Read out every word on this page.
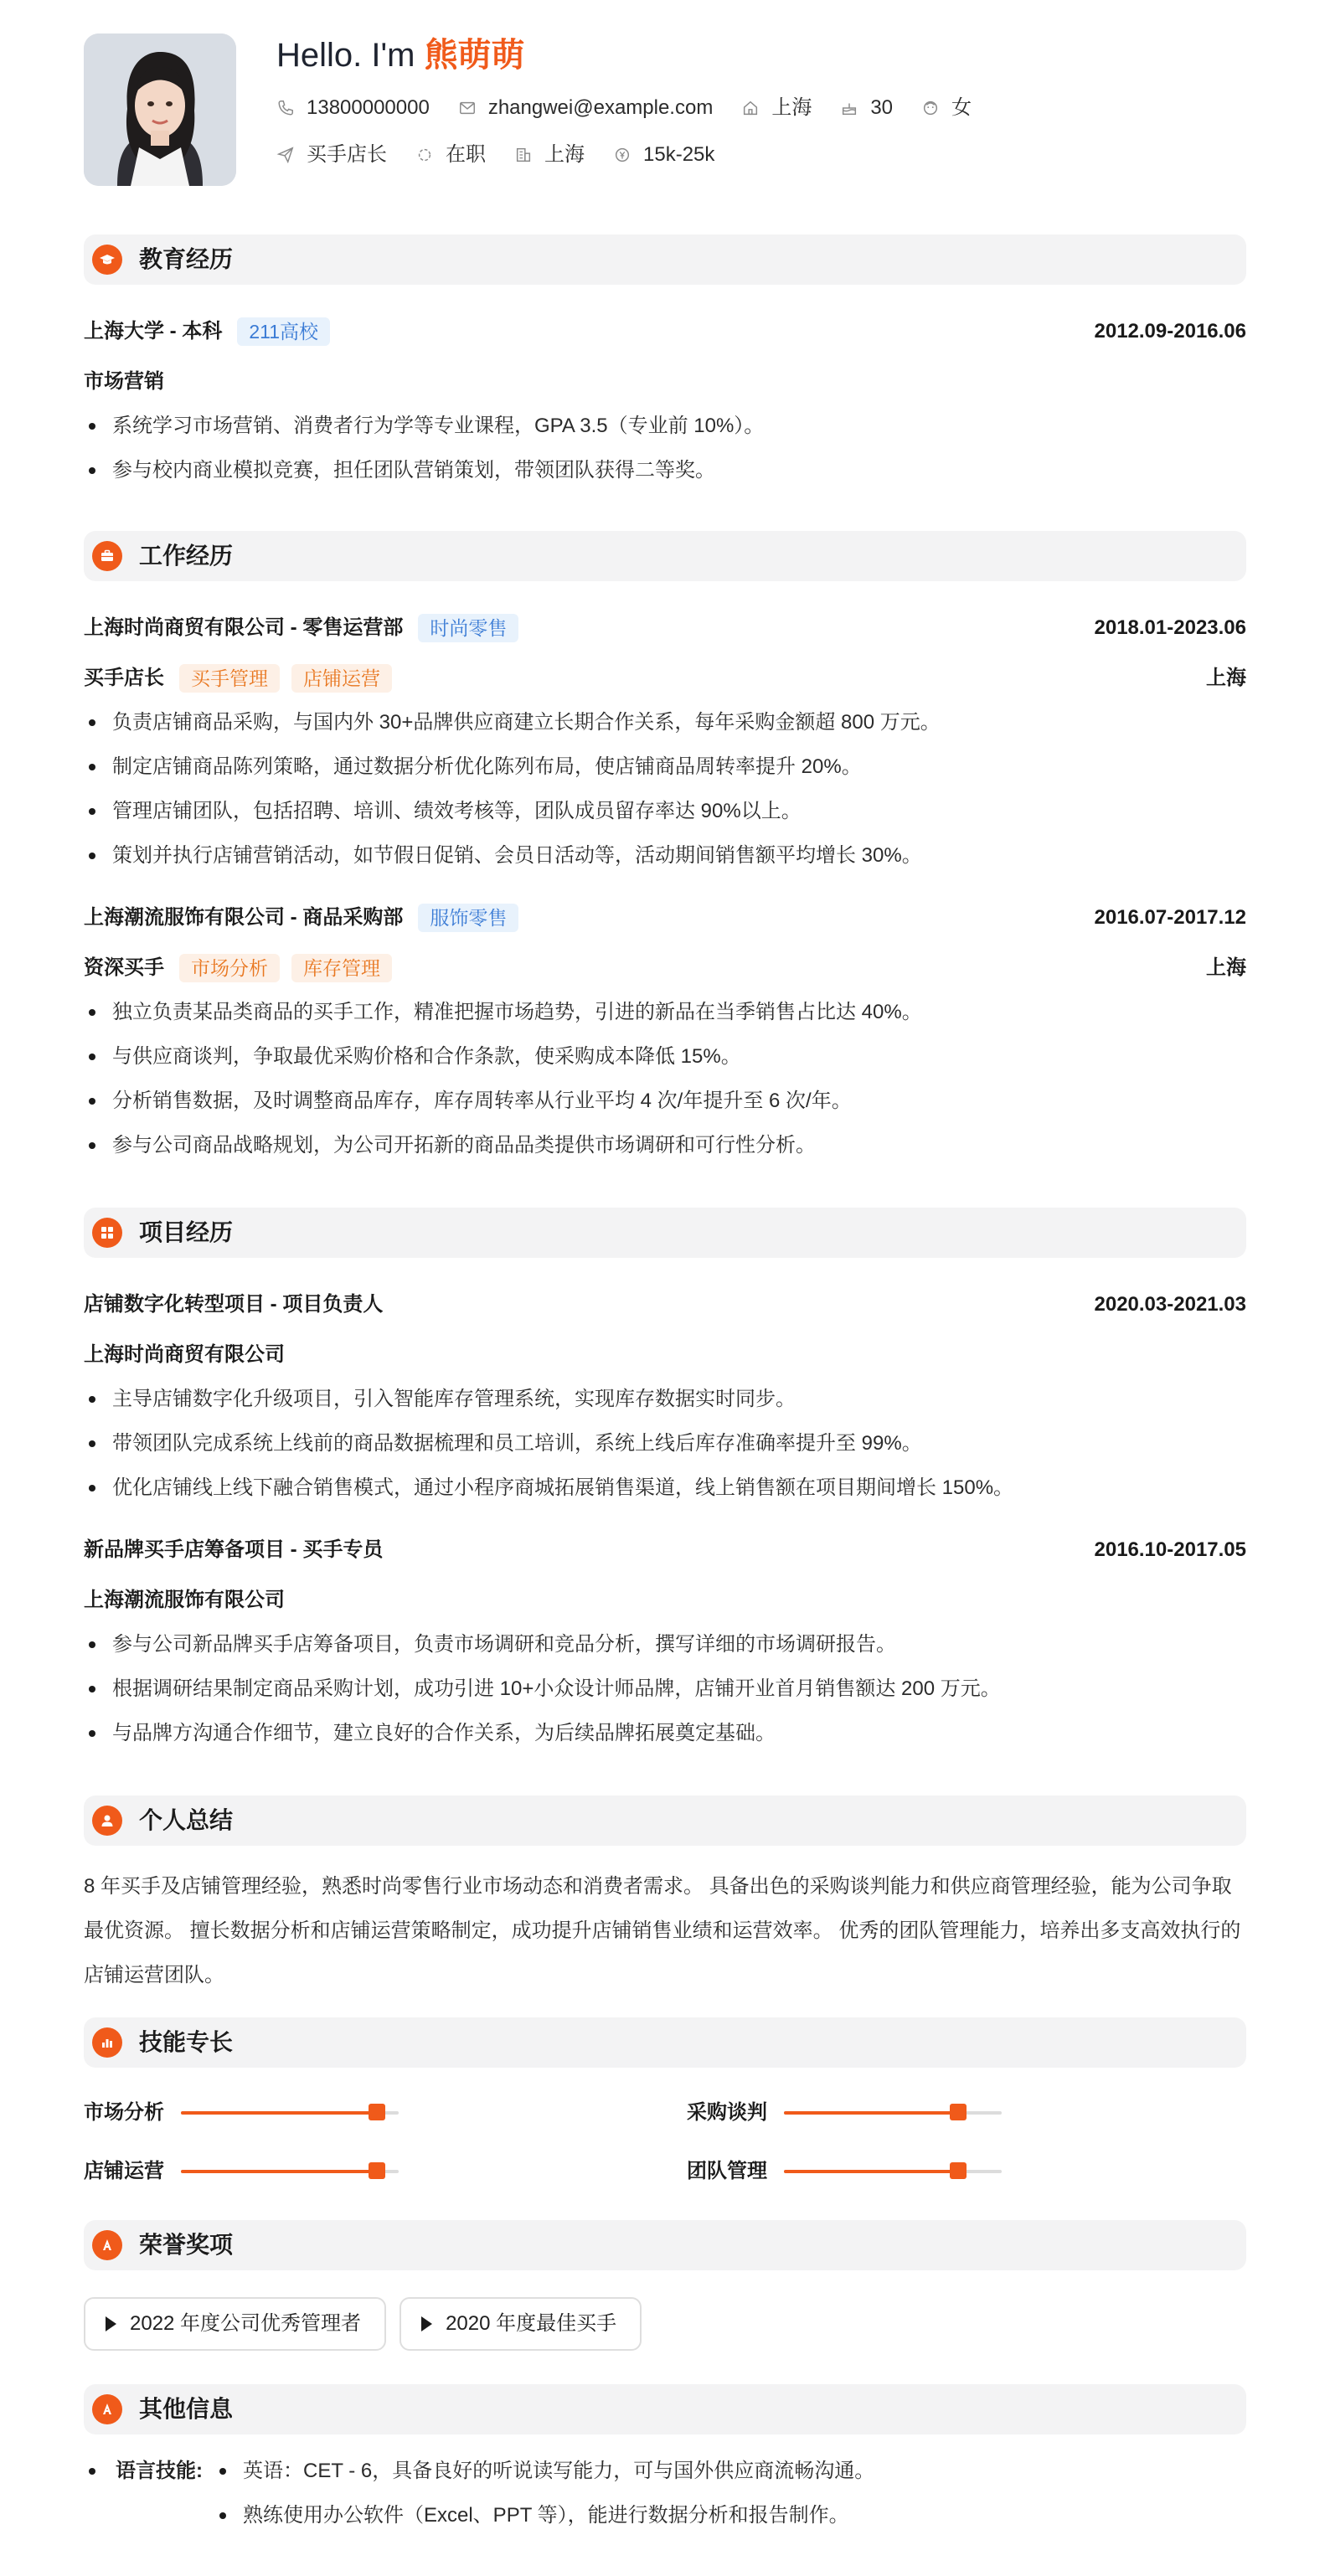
Hello. I'm 熊萌萌
13800000000	zhangwei@example.com	上海	30	女
买手店长	在职	上海	15k-25k
教育经历
上海大学 - 本科	211高校	2012.09-2016.06
市场营销
系统学习市场营销、消费者行为学等专业课程，GPA 3.5（专业前 10%）。
参与校内商业模拟竞赛，担任团队营销策划，带领团队获得二等奖。
工作经历
上海时尚商贸有限公司 - 零售运营部	时尚零售	2018.01-2023.06
买手店长	买手管理	店铺运营	上海
负责店铺商品采购，与国内外 30+品牌供应商建立长期合作关系，每年采购金额超 800 万元。
制定店铺商品陈列策略，通过数据分析优化陈列布局，使店铺商品周转率提升 20%。
管理店铺团队，包括招聘、培训、绩效考核等，团队成员留存率达 90%以上。
策划并执行店铺营销活动，如节假日促销、会员日活动等，活动期间销售额平均增长 30%。
上海潮流服饰有限公司 - 商品采购部	服饰零售	2016.07-2017.12
资深买手	市场分析	库存管理	上海
独立负责某品类商品的买手工作，精准把握市场趋势，引进的新品在当季销售占比达 40%。
与供应商谈判，争取最优采购价格和合作条款，使采购成本降低 15%。
分析销售数据，及时调整商品库存，库存周转率从行业平均 4 次/年提升至 6 次/年。
参与公司商品战略规划，为公司开拓新的商品品类提供市场调研和可行性分析。
项目经历
店铺数字化转型项目 - 项目负责人	2020.03-2021.03
上海时尚商贸有限公司
主导店铺数字化升级项目，引入智能库存管理系统，实现库存数据实时同步。
带领团队完成系统上线前的商品数据梳理和员工培训，系统上线后库存准确率提升至 99%。
优化店铺线上线下融合销售模式，通过小程序商城拓展销售渠道，线上销售额在项目期间增长 150%。
新品牌买手店筹备项目 - 买手专员	2016.10-2017.05
上海潮流服饰有限公司
参与公司新品牌买手店筹备项目，负责市场调研和竞品分析，撰写详细的市场调研报告。
根据调研结果制定商品采购计划，成功引进 10+小众设计师品牌，店铺开业首月销售额达 200 万元。
与品牌方沟通合作细节，建立良好的合作关系，为后续品牌拓展奠定基础。
个人总结

8 年买手及店铺管理经验，熟悉时尚零售行业市场动态和消费者需求。 具备出色的采购谈判能力和供应商管理经验，能为公司争取最优资源。 擅长数据分析和店铺运营策略制定，成功提升店铺销售业绩和运营效率。 优秀的团队管理能力，培养出多支高效执行的店铺运营团队。

技能专长
市场分析	采购谈判
店铺运营	团队管理
荣誉奖项
2022 年度公司优秀管理者	2020 年度最佳买手
其他信息
语言技能:	英语：CET - 6，具备良好的听说读写能力，可与国外供应商流畅沟通。
熟练使用办公软件（Excel、PPT 等），能进行数据分析和报告制作。
